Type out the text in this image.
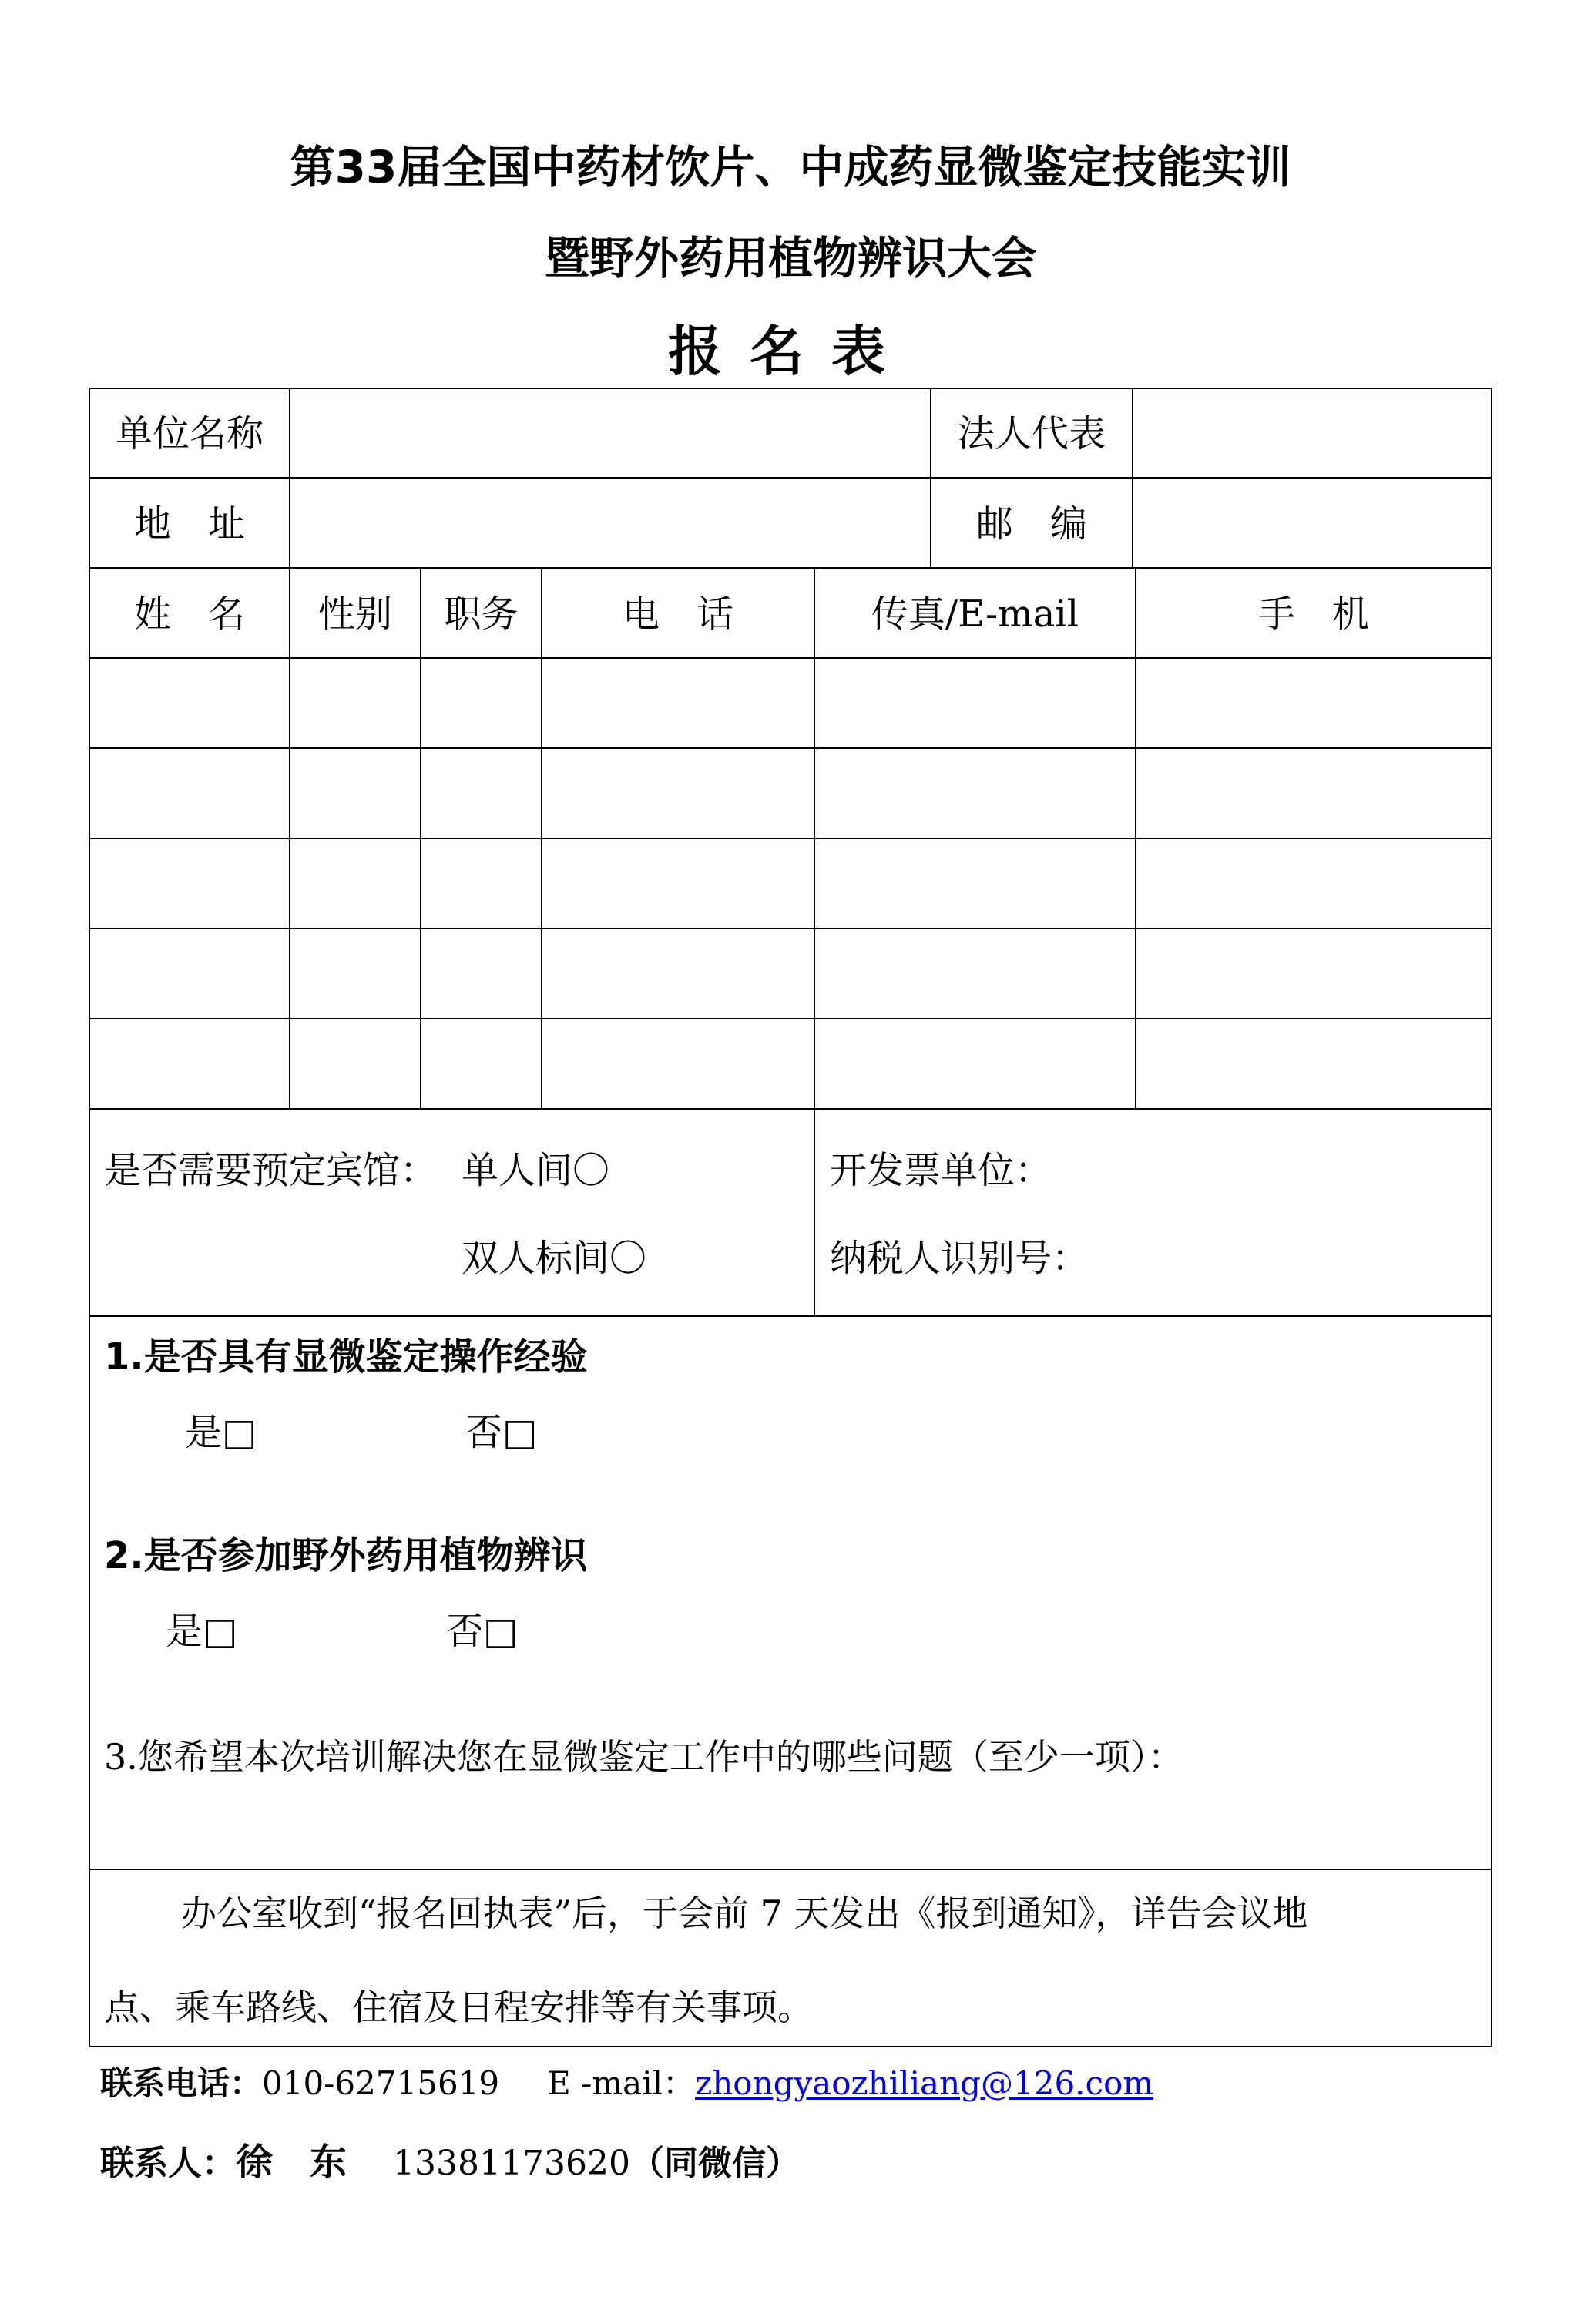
第33届全国中药材饮片、中成药显微鉴定技能实训
暨野外药用植物辨识大会
报名表
单位名称	法人代表
地　址	邮　编
姓　名	性别	职务	电　话	传真/E-mail	手　机
是否需要预定宾馆： 单人间〇
双人标间〇
开发票单位：
纳税人识别号：
1.是否具有显微鉴定操作经验
是□	否□
2.是否参加野外药用植物辨识
是□	否□
3.您希望本次培训解决您在显微鉴定工作中的哪些问题（至少一项）：
办公室收到“报名回执表”后，于会前 7 天发出《报到通知》，详告会议地
点、乘车路线、住宿及日程安排等有关事项。
联系电话：010-62715619 E -mail：zhongyaozhiliang@126.com
联系人：徐　东 13381173620（同微信）
